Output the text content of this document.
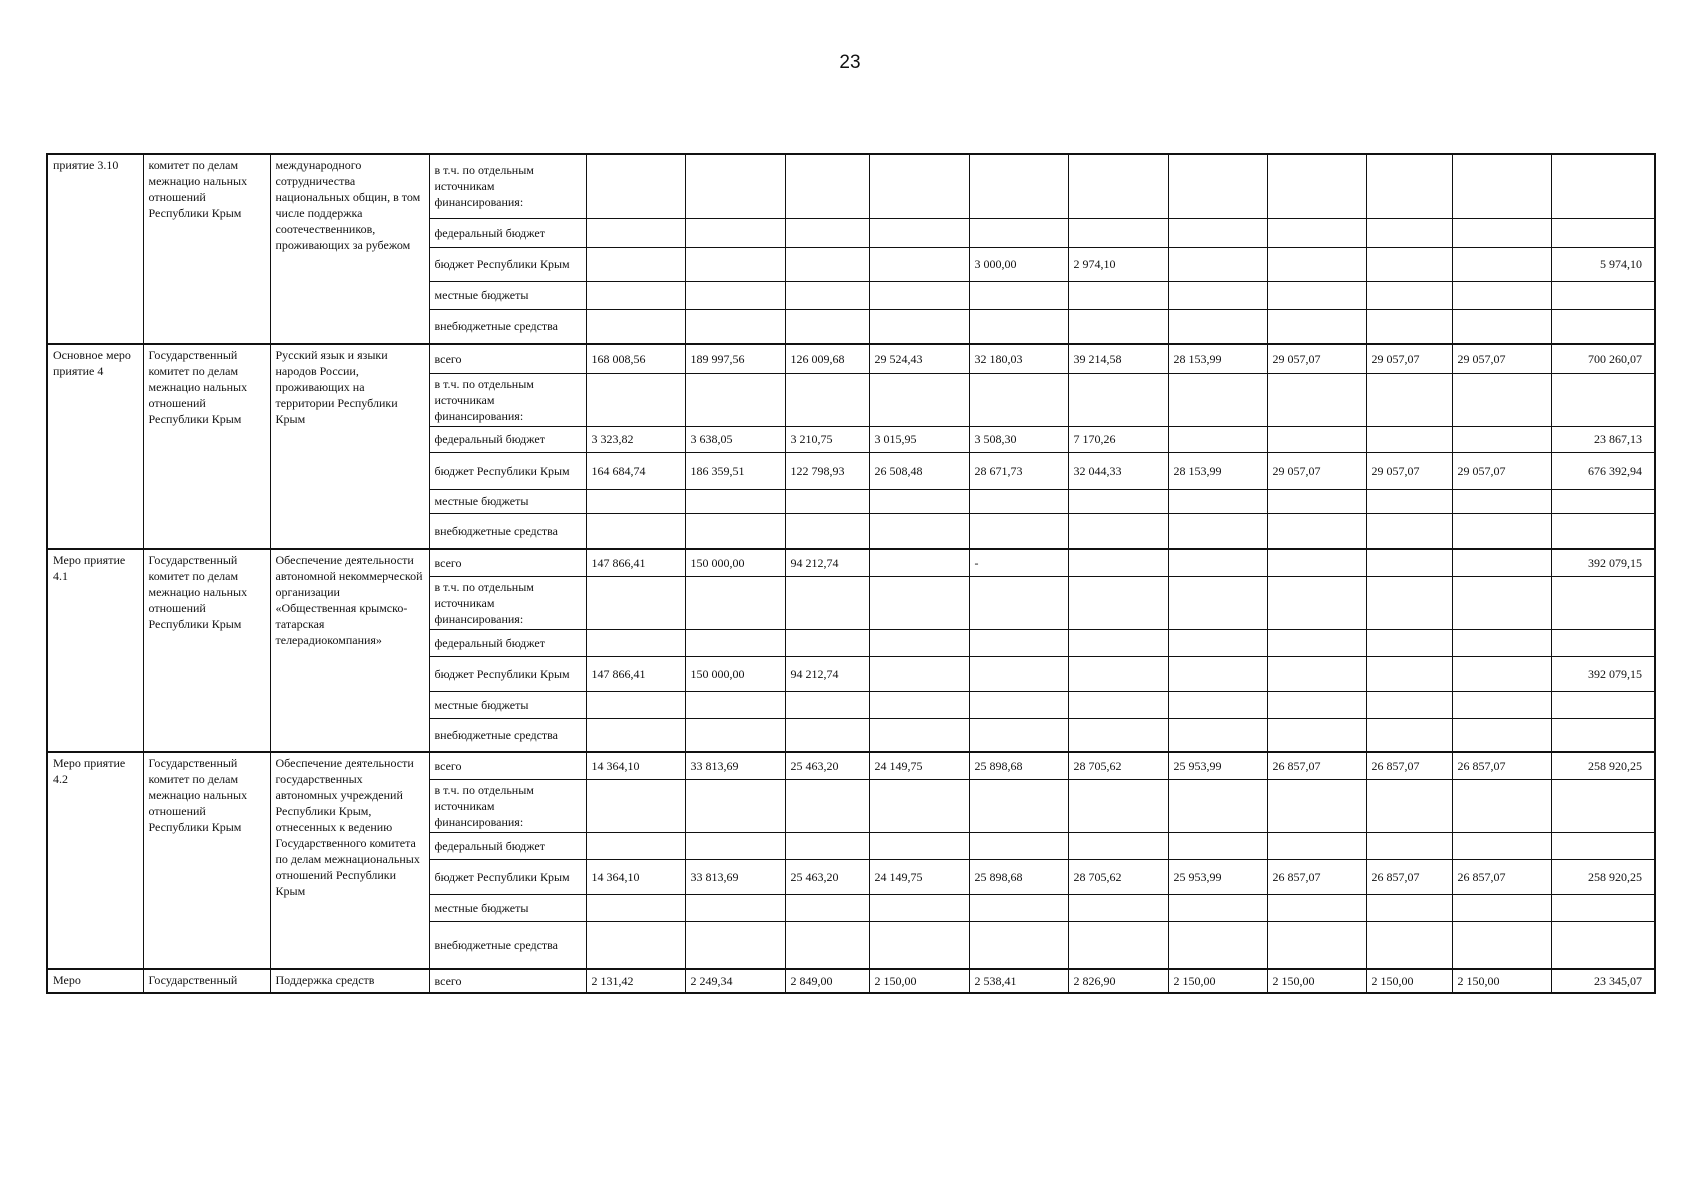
23
приятие 3.10	комитет по делам межнацио нальных отношений Республики Крым	международного сотрудничества национальных общин, в том числе поддержка соотечественников, проживающих за рубежом	в т.ч. по отдельным источникам финансирования:											
			федеральный бюджет											
			бюджет Республики Крым					3 000,00	2 974,10					5 974,10
			местные бюджеты											
			внебюджетные средства											
Основное меро приятие 4	Государственный комитет по делам межнацио нальных отношений Республики Крым	Русский язык и языки народов России, проживающих на территории Республики Крым	всего	168 008,56	189 997,56	126 009,68	29 524,43	32 180,03	39 214,58	28 153,99	29 057,07	29 057,07	29 057,07	700 260,07
			в т.ч. по отдельным источникам финансирования:											
			федеральный бюджет	3 323,82	3 638,05	3 210,75	3 015,95	3 508,30	7 170,26					23 867,13
			бюджет Республики Крым	164 684,74	186 359,51	122 798,93	26 508,48	28 671,73	32 044,33	28 153,99	29 057,07	29 057,07	29 057,07	676 392,94
			местные бюджеты											
			внебюджетные средства											
Меро приятие 4.1	Государственный комитет по делам межнацио нальных отношений Республики Крым	Обеспечение деятельности автономной некоммерческой организации «Общественная крымско-татарская телерадиокомпания»	всего	147 866,41	150 000,00	94 212,74		-						392 079,15
			в т.ч. по отдельным источникам финансирования:											
			федеральный бюджет											
			бюджет Республики Крым	147 866,41	150 000,00	94 212,74								392 079,15
			местные бюджеты											
			внебюджетные средства											
Меро приятие 4.2	Государственный комитет по делам межнацио нальных отношений Республики Крым	Обеспечение деятельности государственных автономных учреждений Республики Крым, отнесенных к ведению Государственного комитета по делам межнациональных отношений Республики Крым	всего	14 364,10	33 813,69	25 463,20	24 149,75	25 898,68	28 705,62	25 953,99	26 857,07	26 857,07	26 857,07	258 920,25
			в т.ч. по отдельным источникам финансирования:											
			федеральный бюджет											
			бюджет Республики Крым	14 364,10	33 813,69	25 463,20	24 149,75	25 898,68	28 705,62	25 953,99	26 857,07	26 857,07	26 857,07	258 920,25
			местные бюджеты											
			внебюджетные средства											
Меро	Государственный	Поддержка средств	всего	2 131,42	2 249,34	2 849,00	2 150,00	2 538,41	2 826,90	2 150,00	2 150,00	2 150,00	2 150,00	23 345,07
